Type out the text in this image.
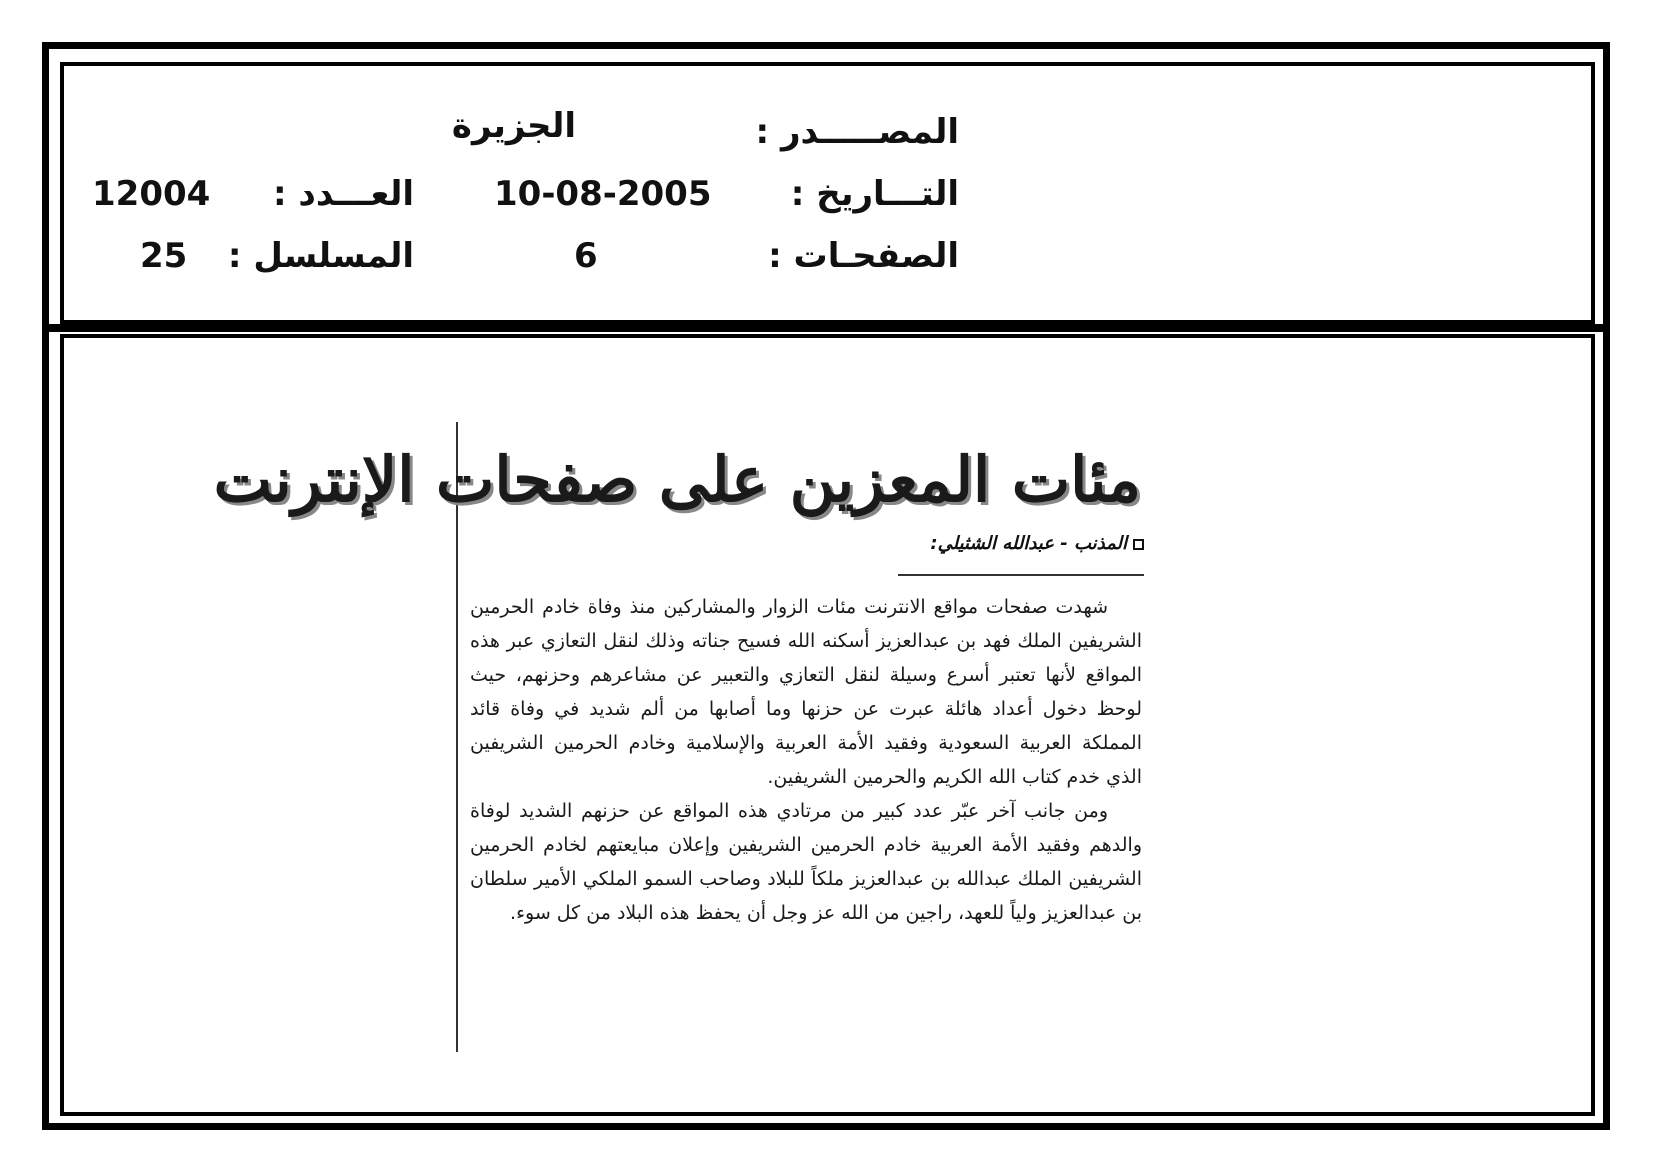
المصـــــدر :
الجزيرة
التـــاريخ :
10-08-2005
الصفحـات :
6
العـــدد :
12004
المسلسل :
25
مئات المعزين على صفحات الإنترنت
المذنب - عبدالله الشثيلي:

شهدت صفحات مواقع الانترنت مئات الزوار والمشاركين منذ وفاة خادم الحرمين الشريفين الملك فهد بن عبدالعزيز أسكنه الله فسيح جناته وذلك لنقل التعازي عبر هذه المواقع لأنها تعتبر أسرع وسيلة لنقل التعازي والتعبير عن مشاعرهم وحزنهم، حيث لوحظ دخول أعداد هائلة عبرت عن حزنها وما أصابها من ألم شديد في وفاة قائد المملكة العربية السعودية وفقيد الأمة العربية والإسلامية وخادم الحرمين الشريفين الذي خدم كتاب الله الكريم والحرمين الشريفين.

ومن جانب آخر عبّر عدد كبير من مرتادي هذه المواقع عن حزنهم الشديد لوفاة والدهم وفقيد الأمة العربية خادم الحرمين الشريفين وإعلان مبايعتهم لخادم الحرمين الشريفين الملك عبدالله بن عبدالعزيز ملكاً للبلاد وصاحب السمو الملكي الأمير سلطان بن عبدالعزيز ولياً للعهد، راجين من الله عز وجل أن يحفظ هذه البلاد من كل سوء.
